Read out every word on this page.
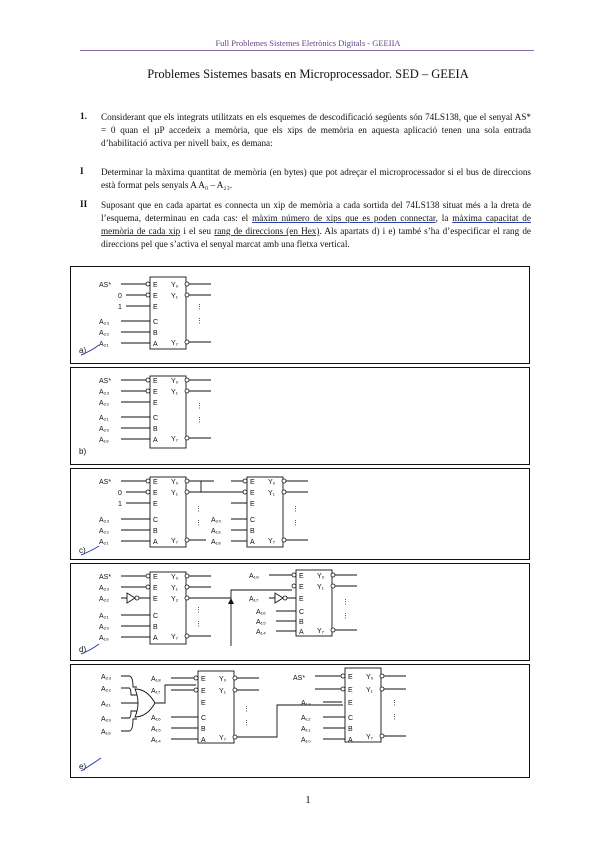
Full Problemes Sistemes Eletrònics Digitals - GEEIIA
Problemes Sistemes basats en Microprocessador. SED – GEEIA
1. Considerant que els integrats utilitzats en els esquemes de descodificació següents són 74LS138, que el senyal AS* = 0 quan el µP accedeix a memòria, que els xips de memòria en aquesta aplicació tenen una sola entrada d’habilitació activa per nivell baix, es demana:
I Determinar la màxima quantitat de memòria (en bytes) que pot adreçar el microprocessador si el bus de direccions està format pels senyals A A₀ – A₂₃.
II Suposant que en cada apartat es connecta un xip de memòria a cada sortida del 74LS138 situat més a la dreta de l’esquema, determinau en cada cas: el màxim número de xips que es poden connectar, la màxima capacitat de memòria de cada xip i el seu rang de direccions (en Hex). Als apartats d) i e) també s’ha d’especificar el rang de direccions pel que s’activa el senyal marcat amb una fletxa vertical.
AS*
0
1
A₂₃
A₂₂
A₂₁
E
E
E
C
B
A
Y₀
Y₁
Y₇
⋮
⋮
a)
AS*
A₂₃
A₂₂
A₂₁
A₂₀
A₁₉
E
E
E
C
B
A
Y₀
Y₁
Y₇
⋮
⋮
b)
AS*
0
1
A₂₃
A₂₂
A₂₁
E
E
E
C
B
A
Y₀
Y₁
Y₇
⋮
⋮ A₂₀
A₁₉
A₁₈
E
E
E
C
B
A
Y₀
Y₁
Y₇
⋮
⋮
c)
AS*
A₂₃
A₂₂
A₂₁
A₂₀
A₁₉
E
E
E
C
B
A
Y₀
Y₁
Y₂
Y₇
⋮
⋮
A₁₈
A₁₇
A₁₆
A₁₅
A₁₄
E
E
E
C
B
A
Y₀
Y₁
Y₇
⋮
⋮
d)
A₂₃
A₂₂
A₂₁
A₂₀
A₁₉
A₁₈
A₁₇
A₁₆
A₁₅
A₁₄
E
E
E
C
B
A
Y₀
Y₁
Y₇
⋮
⋮
AS*
A₁₃
A₁₂
A₁₁
A₁₀
E
E
E
C
B
A
Y₀
Y₁
Y₇
⋮
⋮
e)
1
